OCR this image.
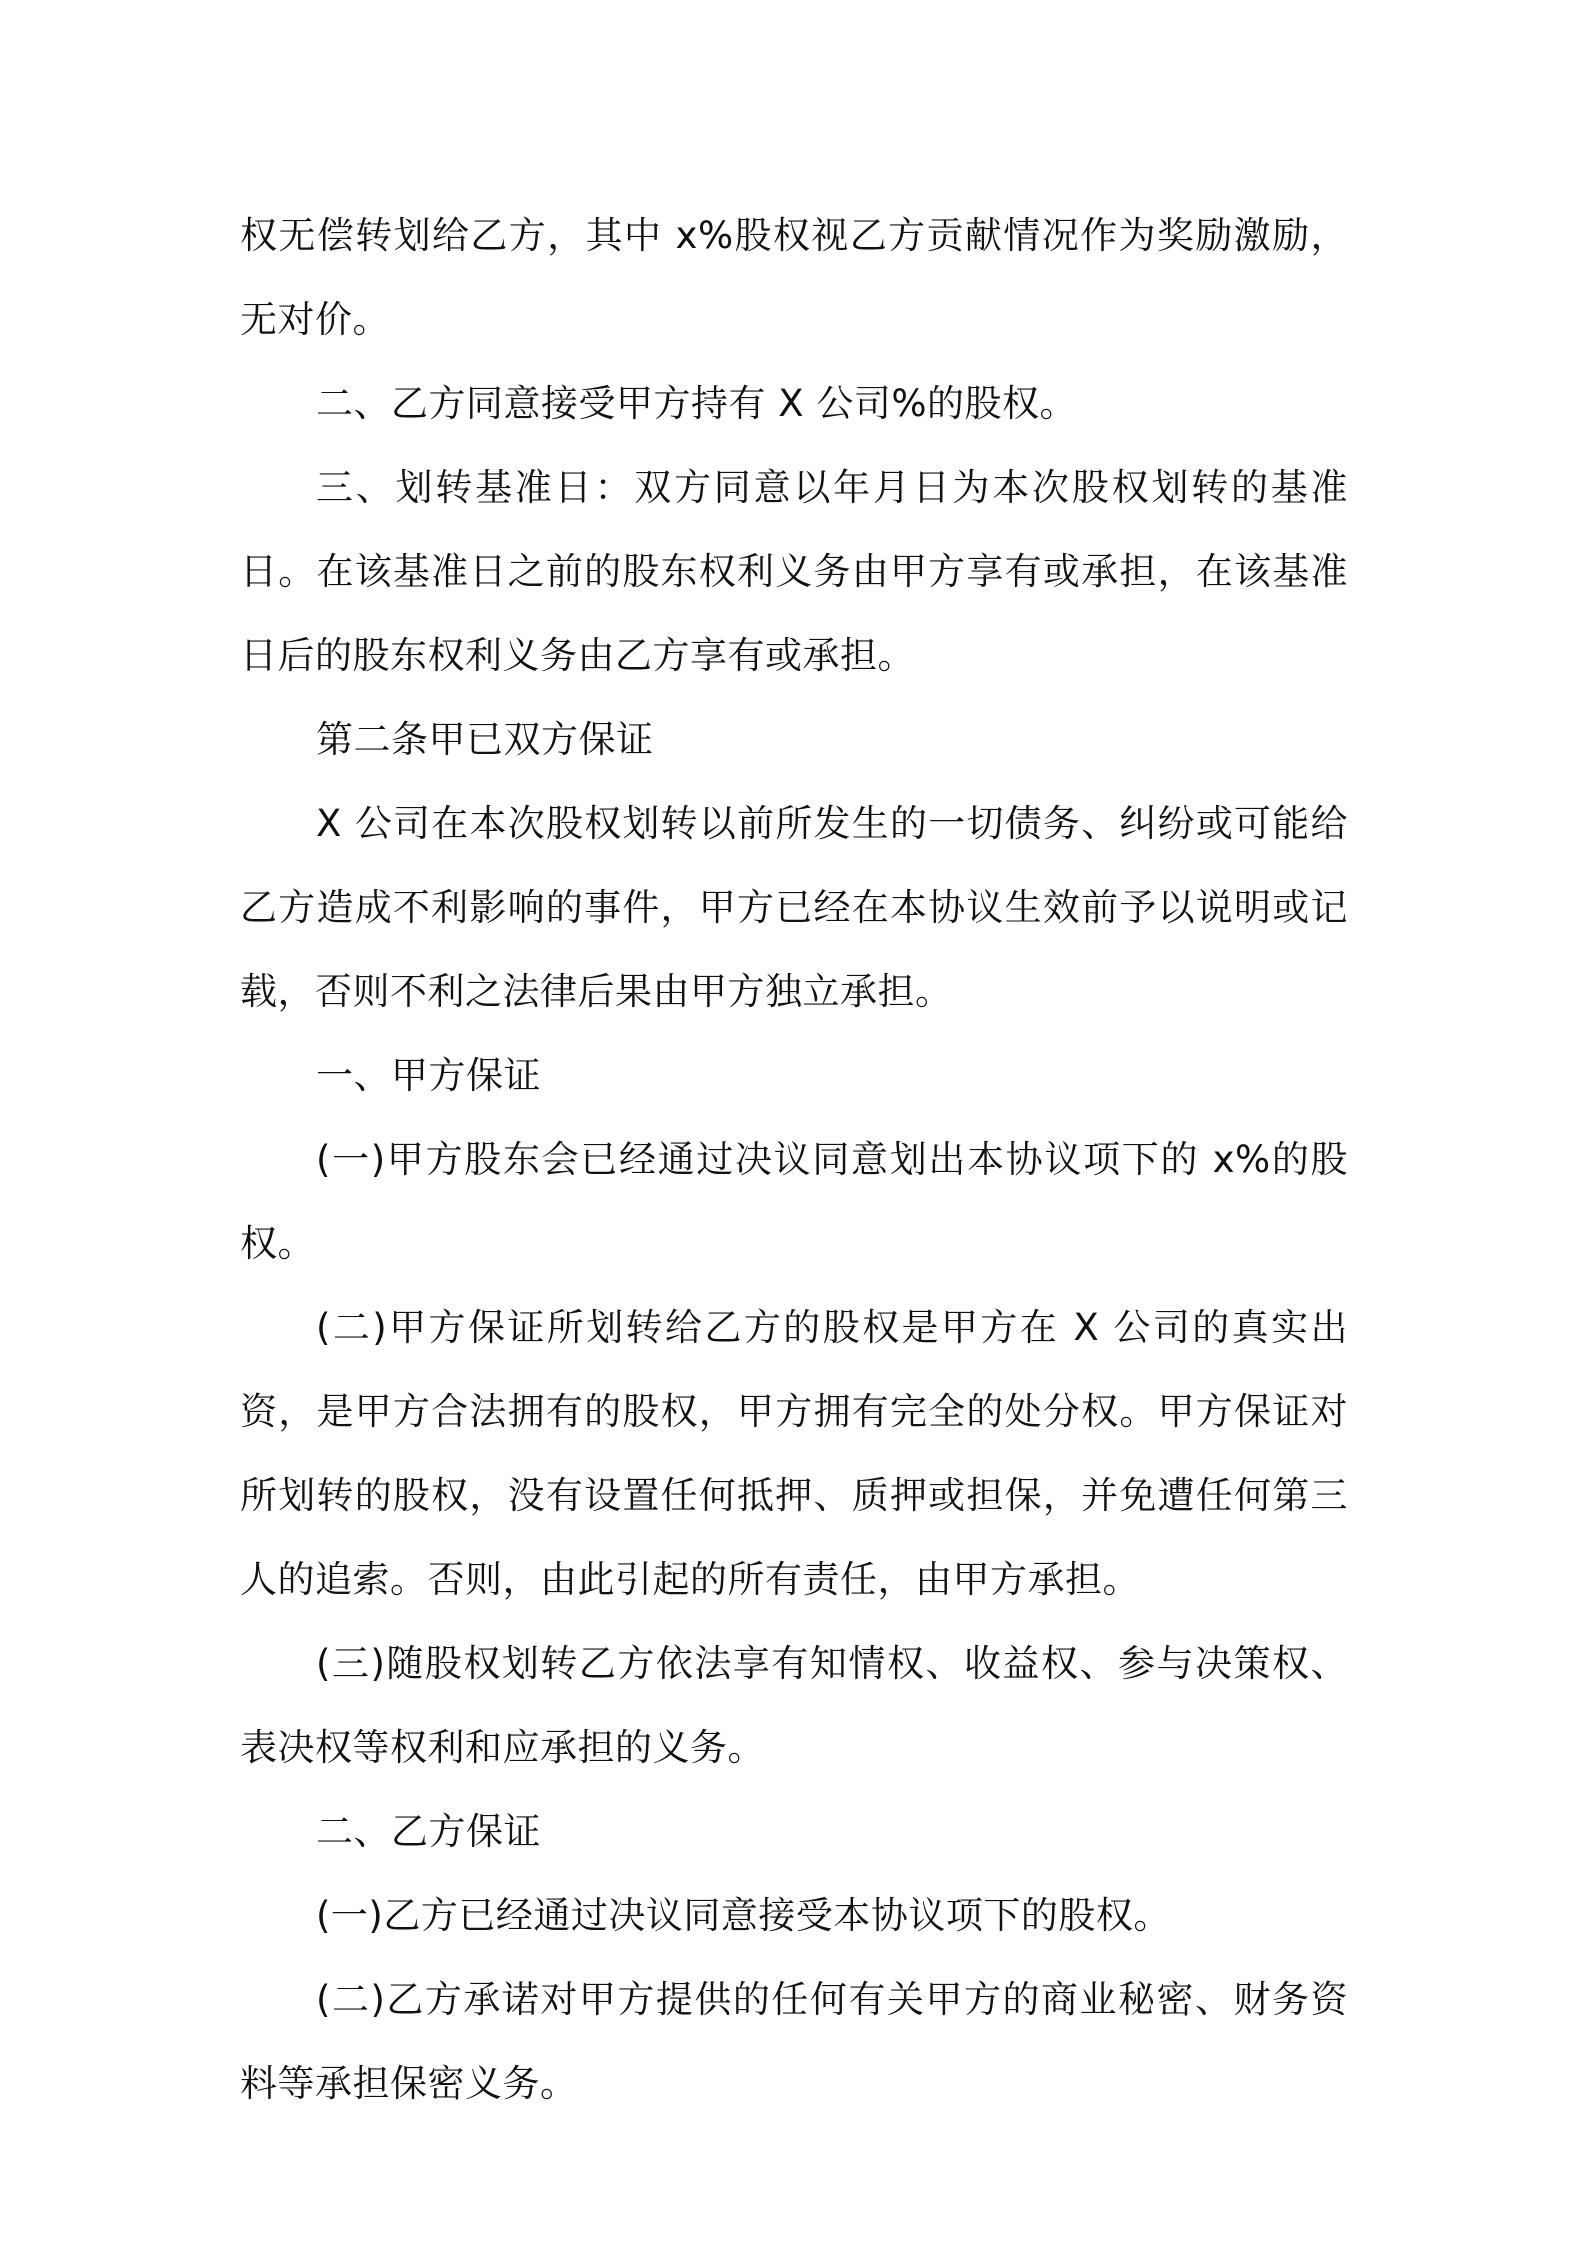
权无偿转划给乙方，其中 x%股权视乙方贡献情况作为奖励激励，无对价。

二、乙方同意接受甲方持有 X 公司%的股权。

三、划转基准日：双方同意以年月日为本次股权划转的基准日。在该基准日之前的股东权利义务由甲方享有或承担，在该基准日后的股东权利义务由乙方享有或承担。

第二条甲已双方保证

X 公司在本次股权划转以前所发生的一切债务、纠纷或可能给乙方造成不利影响的事件，甲方已经在本协议生效前予以说明或记载，否则不利之法律后果由甲方独立承担。

一、甲方保证

(一)甲方股东会已经通过决议同意划出本协议项下的 x%的股权。

(二)甲方保证所划转给乙方的股权是甲方在 X 公司的真实出资，是甲方合法拥有的股权，甲方拥有完全的处分权。甲方保证对所划转的股权，没有设置任何抵押、质押或担保，并免遭任何第三人的追索。否则，由此引起的所有责任，由甲方承担。

(三)随股权划转乙方依法享有知情权、收益权、参与决策权、表决权等权利和应承担的义务。

二、乙方保证

(一)乙方已经通过决议同意接受本协议项下的股权。

(二)乙方承诺对甲方提供的任何有关甲方的商业秘密、财务资料等承担保密义务。
